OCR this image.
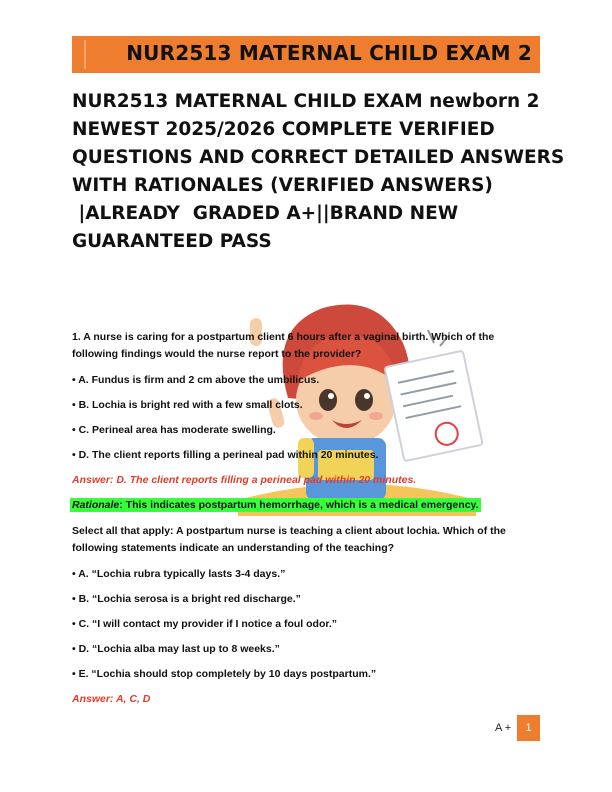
NUR2513 MATERNAL CHILD EXAM 2
NUR2513 MATERNAL CHILD EXAM newborn 2
NEWEST 2025/2026 COMPLETE VERIFIED
QUESTIONS AND CORRECT DETAILED ANSWERS
WITH RATIONALES (VERIFIED ANSWERS)
|ALREADY  GRADED A+||BRAND NEW
GUARANTEED PASS
1. A nurse is caring for a postpartum client 6 hours after a vaginal birth. Which of the
following findings would the nurse report to the provider?
• A. Fundus is firm and 2 cm above the umbilicus.
• B. Lochia is bright red with a few small clots.
• C. Perineal area has moderate swelling.
• D. The client reports filling a perineal pad within 20 minutes.
Answer: D. The client reports filling a perineal pad within 20 minutes.
Rationale: This indicates postpartum hemorrhage, which is a medical emergency.
Select all that apply: A postpartum nurse is teaching a client about lochia. Which of the
following statements indicate an understanding of the teaching?
• A. “Lochia rubra typically lasts 3-4 days.”
• B. “Lochia serosa is a bright red discharge.”
• C. “I will contact my provider if I notice a foul odor.”
• D. “Lochia alba may last up to 8 weeks.”
• E. “Lochia should stop completely by 10 days postpartum.”
Answer: A, C, D
A +	1
